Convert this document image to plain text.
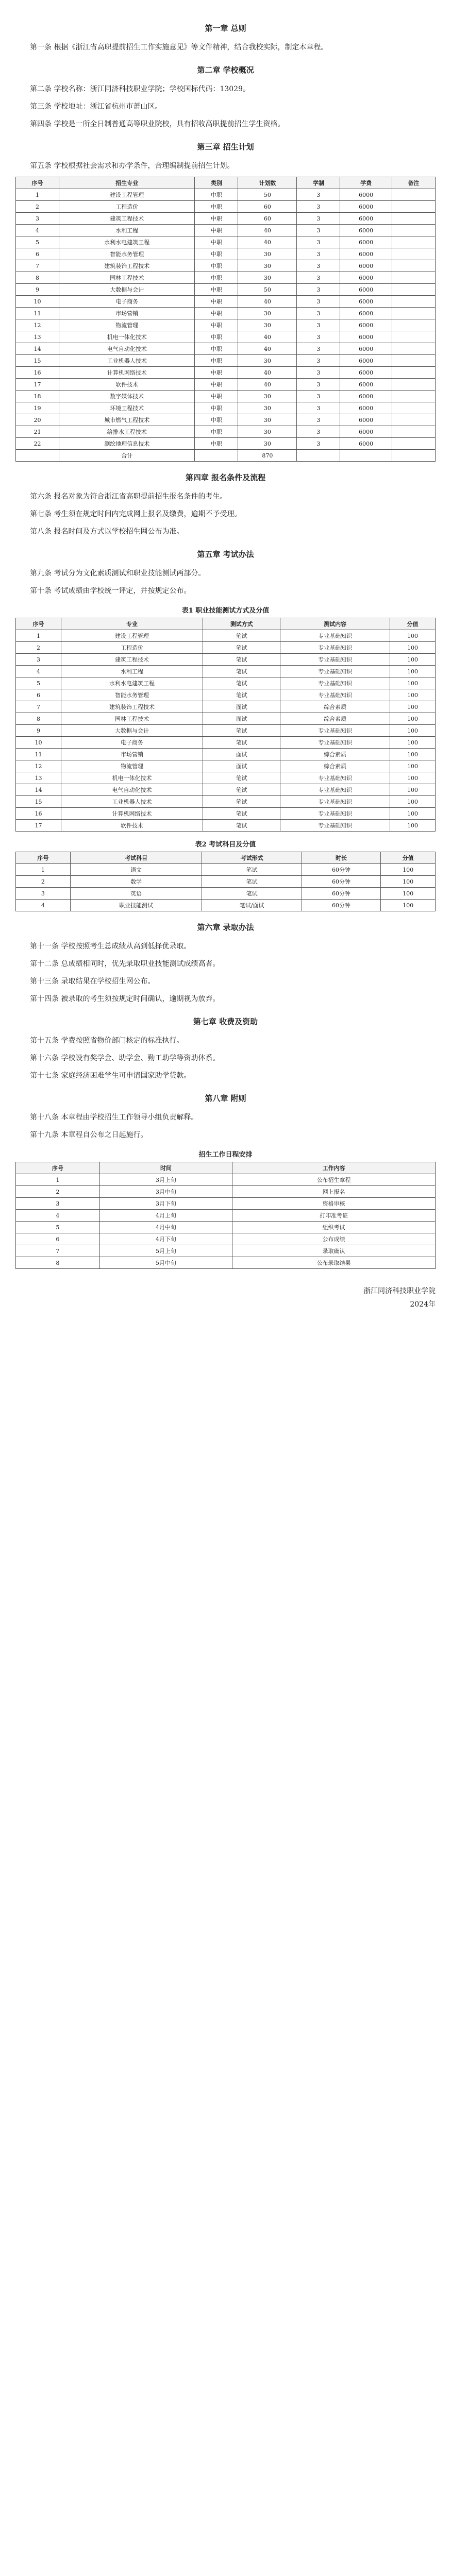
第一章 总则

第一条 根据《浙江省高职提前招生工作实施意见》等文件精神，结合我校实际，制定本章程。

第二章 学校概况

第二条 学校名称：浙江同济科技职业学院；学校国标代码：13029。

第三条 学校地址：浙江省杭州市萧山区。

第四条 学校是一所全日制普通高等职业院校，具有招收高职提前招生学生资格。

第三章 招生计划

第五条 学校根据社会需求和办学条件，合理编制提前招生计划。

序号	招生专业	类别	计划数	学制	学费	备注
1	建设工程管理	中职	50	3	6000	
2	工程造价	中职	60	3	6000	
3	建筑工程技术	中职	60	3	6000	
4	水利工程	中职	40	3	6000	
5	水利水电建筑工程	中职	40	3	6000	
6	智能水务管理	中职	30	3	6000	
7	建筑装饰工程技术	中职	30	3	6000	
8	园林工程技术	中职	30	3	6000	
9	大数据与会计	中职	50	3	6000	
10	电子商务	中职	40	3	6000	
11	市场营销	中职	30	3	6000	
12	物流管理	中职	30	3	6000	
13	机电一体化技术	中职	40	3	6000	
14	电气自动化技术	中职	40	3	6000	
15	工业机器人技术	中职	30	3	6000	
16	计算机网络技术	中职	40	3	6000	
17	软件技术	中职	40	3	6000	
18	数字媒体技术	中职	30	3	6000	
19	环境工程技术	中职	30	3	6000	
20	城市燃气工程技术	中职	30	3	6000	
21	给排水工程技术	中职	30	3	6000	
22	测绘地理信息技术	中职	30	3	6000	
	合计		870			
第四章 报名条件及流程

第六条 报名对象为符合浙江省高职提前招生报名条件的考生。

第七条 考生须在规定时间内完成网上报名及缴费，逾期不予受理。

第八条 报名时间及方式以学校招生网公布为准。

第五章 考试办法

第九条 考试分为文化素质测试和职业技能测试两部分。

第十条 考试成绩由学校统一评定，并按规定公布。

表1 职业技能测试方式及分值
序号	专业	测试方式	测试内容	分值
1	建设工程管理	笔试	专业基础知识	100
2	工程造价	笔试	专业基础知识	100
3	建筑工程技术	笔试	专业基础知识	100
4	水利工程	笔试	专业基础知识	100
5	水利水电建筑工程	笔试	专业基础知识	100
6	智能水务管理	笔试	专业基础知识	100
7	建筑装饰工程技术	面试	综合素质	100
8	园林工程技术	面试	综合素质	100
9	大数据与会计	笔试	专业基础知识	100
10	电子商务	笔试	专业基础知识	100
11	市场营销	面试	综合素质	100
12	物流管理	面试	综合素质	100
13	机电一体化技术	笔试	专业基础知识	100
14	电气自动化技术	笔试	专业基础知识	100
15	工业机器人技术	笔试	专业基础知识	100
16	计算机网络技术	笔试	专业基础知识	100
17	软件技术	笔试	专业基础知识	100
表2 考试科目及分值
序号	考试科目	考试形式	时长	分值
1	语文	笔试	60分钟	100
2	数学	笔试	60分钟	100
3	英语	笔试	60分钟	100
4	职业技能测试	笔试/面试	60分钟	100
第六章 录取办法

第十一条 学校按照考生总成绩从高到低择优录取。

第十二条 总成绩相同时，优先录取职业技能测试成绩高者。

第十三条 录取结果在学校招生网公布。

第十四条 被录取的考生须按规定时间确认，逾期视为放弃。

第七章 收费及资助

第十五条 学费按照省物价部门核定的标准执行。

第十六条 学校设有奖学金、助学金、勤工助学等资助体系。

第十七条 家庭经济困难学生可申请国家助学贷款。

第八章 附则

第十八条 本章程由学校招生工作领导小组负责解释。

第十九条 本章程自公布之日起施行。

招生工作日程安排
序号	时间	工作内容
1	3月上旬	公布招生章程
2	3月中旬	网上报名
3	3月下旬	资格审核
4	4月上旬	打印准考证
5	4月中旬	组织考试
6	4月下旬	公布成绩
7	5月上旬	录取确认
8	5月中旬	公布录取结果
浙江同济科技职业学院
2024年
